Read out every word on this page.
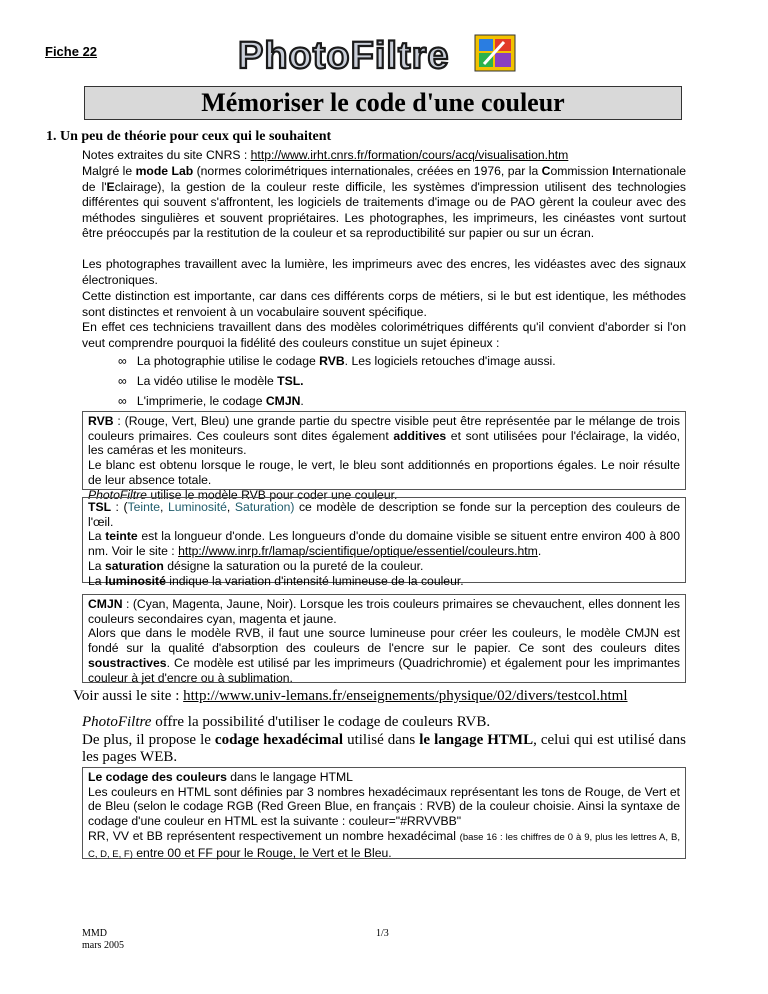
Fiche 22	PhotoFiltre
Mémoriser le code d'une couleur
1. Un peu de théorie pour ceux qui le souhaitent
Notes extraites du site CNRS : http://www.irht.cnrs.fr/formation/cours/acq/visualisation.htm
Malgré le mode Lab (normes colorimétriques internationales, créées en 1976, par la Commission Internationale de l'Eclairage), la gestion de la couleur reste difficile, les systèmes d'impression utilisent des technologies différentes qui souvent s'affrontent, les logiciels de traitements d'image ou de PAO gèrent la couleur avec des méthodes singulières et souvent propriétaires. Les photographes, les imprimeurs, les cinéastes vont surtout être préoccupés par la restitution de la couleur et sa reproductibilité sur papier ou sur un écran.
Les photographes travaillent avec la lumière, les imprimeurs avec des encres, les vidéastes avec des signaux électroniques.
Cette distinction est importante, car dans ces différents corps de métiers, si le but est identique, les méthodes sont distinctes et renvoient à un vocabulaire souvent spécifique.
En effet ces techniciens travaillent dans des modèles colorimétriques différents qu'il convient d'aborder si l'on veut comprendre pourquoi la fidélité des couleurs constitue un sujet épineux :
∞ La photographie utilise le codage RVB. Les logiciels retouches d'image aussi.
∞ La vidéo utilise le modèle TSL.
∞ L'imprimerie, le codage CMJN.
RVB : (Rouge, Vert, Bleu) une grande partie du spectre visible peut être représentée par le mélange de trois couleurs primaires. Ces couleurs sont dites également additives et sont utilisées pour l'éclairage, la vidéo, les caméras et les moniteurs.
Le blanc est obtenu lorsque le rouge, le vert, le bleu sont additionnés en proportions égales. Le noir résulte de leur absence totale.
PhotoFiltre utilise le modèle RVB pour coder une couleur.
TSL : (Teinte, Luminosité, Saturation) ce modèle de description se fonde sur la perception des couleurs de l'œil.
La teinte est la longueur d'onde. Les longueurs d'onde du domaine visible se situent entre environ 400 à 800 nm. Voir le site : http://www.inrp.fr/lamap/scientifique/optique/essentiel/couleurs.htm.
La saturation désigne la saturation ou la pureté de la couleur.
La luminosité indique la variation d'intensité lumineuse de la couleur.
CMJN : (Cyan, Magenta, Jaune, Noir). Lorsque les trois couleurs primaires se chevauchent, elles donnent les couleurs secondaires cyan, magenta et jaune.
Alors que dans le modèle RVB, il faut une source lumineuse pour créer les couleurs, le modèle CMJN est fondé sur la qualité d'absorption des couleurs de l'encre sur le papier. Ce sont des couleurs dites soustractives. Ce modèle est utilisé par les imprimeurs (Quadrichromie) et également pour les imprimantes couleur à jet d'encre ou à sublimation.
Voir aussi le site : http://www.univ-lemans.fr/enseignements/physique/02/divers/testcol.html
PhotoFiltre offre la possibilité d'utiliser le codage de couleurs RVB.
De plus, il propose le codage hexadécimal utilisé dans le langage HTML, celui qui est utilisé dans les pages WEB.
Le codage des couleurs dans le langage HTML
Les couleurs en HTML sont définies par 3 nombres hexadécimaux représentant les tons de Rouge, de Vert et de Bleu (selon le codage RGB (Red Green Blue, en français : RVB) de la couleur choisie. Ainsi la syntaxe de codage d'une couleur en HTML est la suivante : couleur="#RRVVBB"
RR, VV et BB représentent respectivement un nombre hexadécimal (base 16 : les chiffres de 0 à 9, plus les lettres A, B, C, D, E, F) entre 00 et FF pour le Rouge, le Vert et le Bleu.
MMD
mars 2005
1/3
